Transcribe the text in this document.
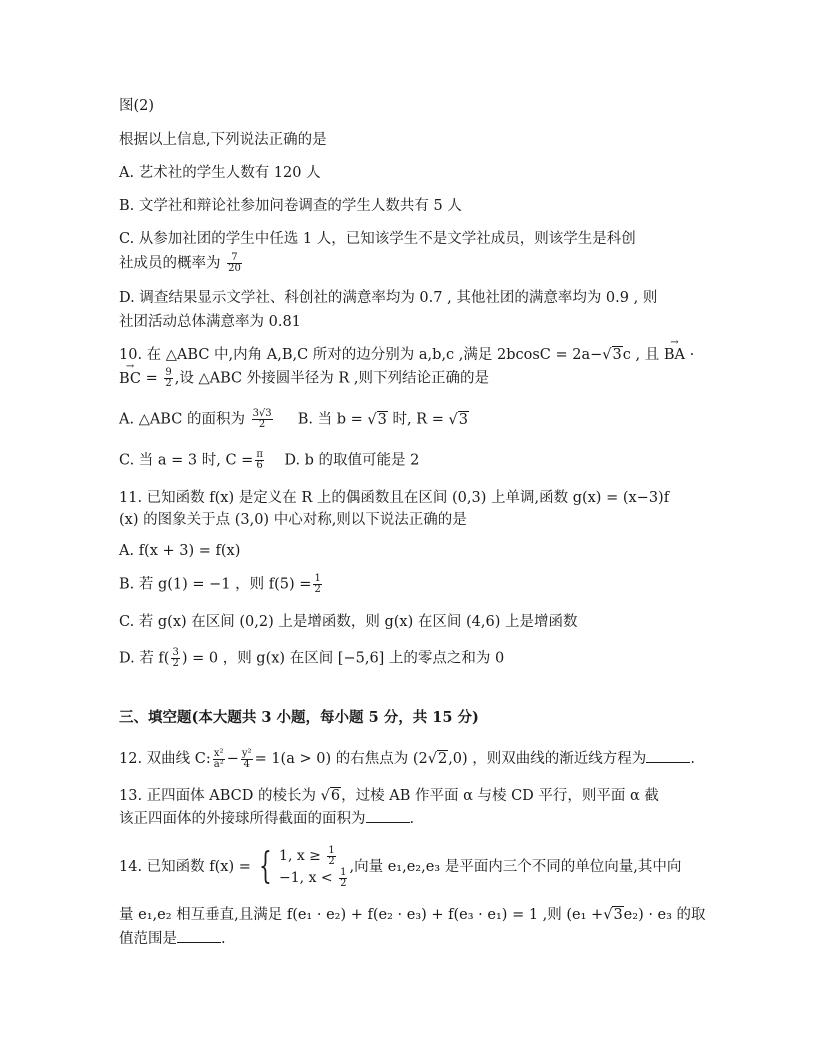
图(2)
根据以上信息,下列说法正确的是
A. 艺术社的学生人数有 120 人
B. 文学社和辩论社参加问卷调查的学生人数共有 5 人
C. 从参加社团的学生中任选 1 人，已知该学生不是文学社成员，则该学生是科创
社成员的概率为 $\frac{7}{20}$
D. 调查结果显示文学社、科创社的满意率均为 0.7 , 其他社团的满意率均为 0.9 , 则
社团活动总体满意率为 0.81
10. 在 △ABC 中,内角 A,B,C 所对的边分别为 a,b,c ,满足 2bcosC = 2a−√3c , 且 → BA ·
→ BC = $\frac{9}{2}$ ,设 △ABC 外接圆半径为 R ,则下列结论正确的是
A. △ABC 的面积为 $\frac{3√3}{2} B$. 当 b = √3 时, R = √3
C. 当 a = 3 时, $C = \frac{\pi}{6} D$. b 的取值可能是 2
11. 已知函数 f(x) 是定义在 R 上的偶函数且在区间 (0,3) 上单调,函数 g(x) = (x−3)f
(x) 的图象关于点 (3,0) 中心对称,则以下说法正确的是
A. f(x + 3) = f(x)
B. 若 g(1) = −1 ，则 $f(5) = \frac{1}{2}$
C. 若 g(x) 在区间 (0,2) 上是增函数，则 g(x) 在区间 (4,6) 上是增函数
D. 若 $f( \frac{3}{2}$ ) = 0 ，则 g(x) 在区间 [−5,6] 上的零点之和为 0
三、填空题(本大题共 3 小题，每小题 5 分，共 15 分)
12. 双曲线 C: $\frac{\text{x²}}{\text{a²}} - \frac{\text{y²}}{4} = 1(a > 0)$ 的右焦点为 (2√2,0) ，则双曲线的渐近线方程为	.
13. 正四面体 ABCD 的棱长为 √6，过棱 AB 作平面 α 与棱 CD 平行，则平面 α 截
该正四面体的外接球所得截面的面积为	.
14. 已知函数 f(x) = { 1, $x \ge \frac{1}{2}$
−1, $x < \frac{1}{2}$
,向量 e₁,e₂,e₃ 是平面内三个不同的单位向量,其中向
量 e₁,e₂ 相互垂直,且满足 f(e₁ · e₂) + f(e₂ · e₃) + f(e₃ · e₁) = 1 ,则 (e₁ +√3e₂) · e₃ 的取
值范围是	.
